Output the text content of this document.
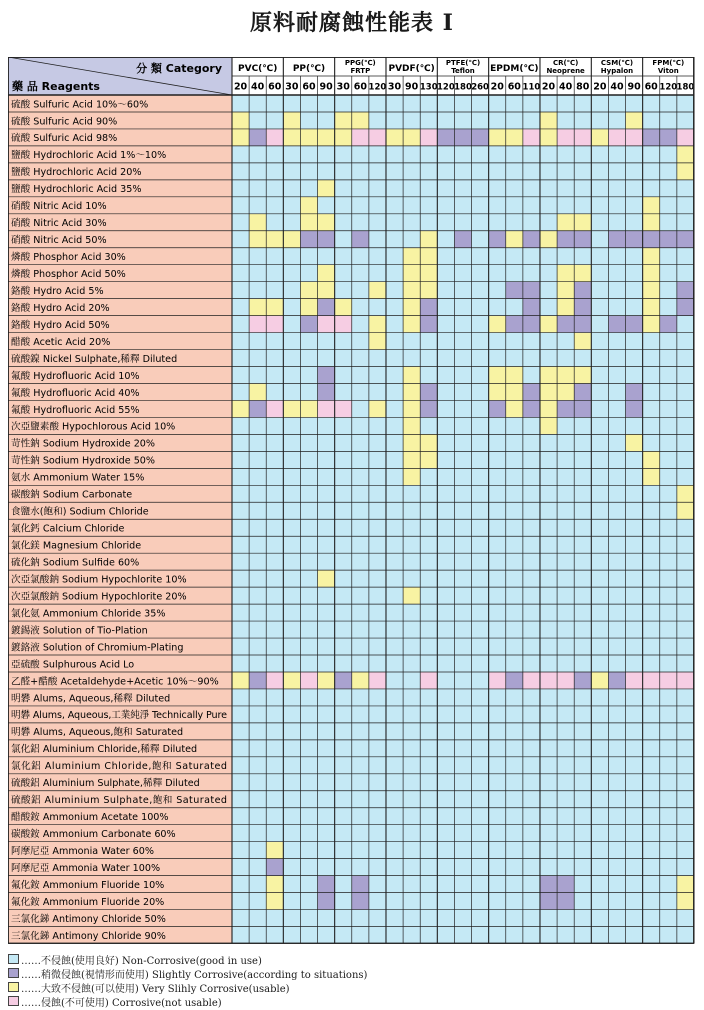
原料耐腐蝕性能表 I
分 類 Category
藥 品 Reagents
PVC(℃)
20 40 60
PP(℃)
30 60 90
PPG(℃)
FRTP
30 60 120
PVDF(℃)
30 90 130
PTFE(℃)
Teflon
120 180 260
EPDM(℃)
20 60 110
CR(℃)
Neoprene
20 40 80
CSM(℃)
Hypalon
20 40 90
FPM(℃)
Viton
60 120 180
硫酸 Sulfuric Acid 10%～60%
硫酸 Sulfuric Acid 90%
硫酸 Sulfuric Acid 98%
鹽酸 Hydrochloric Acid 1%～10%
鹽酸 Hydrochloric Acid 20%
鹽酸 Hydrochloric Acid 35%
硝酸 Nitric Acid 10%
硝酸 Nitric Acid 30%
硝酸 Nitric Acid 50%
燐酸 Phosphor Acid 30%
燐酸 Phosphor Acid 50%
鉻酸 Hydro Acid 5%
鉻酸 Hydro Acid 20%
鉻酸 Hydro Acid 50%
醋酸 Acetic Acid 20%
硫酸鎳 Nickel Sulphate,稀釋 Diluted
氟酸 Hydrofluoric Acid 10%
氟酸 Hydrofluoric Acid 40%
氟酸 Hydrofluoric Acid 55%
次亞鹽素酸 Hypochlorous Acid 10%
苛性鈉 Sodium Hydroxide 20%
苛性鈉 Sodium Hydroxide 50%
氨水 Ammonium Water 15%
碳酸鈉 Sodium Carbonate
食鹽水(飽和) Sodium Chloride
氯化鈣 Calcium Chloride
氯化鎂 Magnesium Chloride
硫化鈉 Sodium Sulfide 60%
次亞氯酸鈉 Sodium Hypochlorite 10%
次亞氯酸鈉 Sodium Hypochlorite 20%
氯化氨 Ammonium Chloride 35%
鍍錫液 Solution of Tio-Plation
鍍鉻液 Solution of Chromium-Plating
亞硫酸 Sulphurous Acid Lo
乙醛+醋酸 Acetaldehyde+Acetic 10%～90%
明礬 Alums, Aqueous,稀釋 Diluted
明礬 Alums, Aqueous,工業純淨 Technically Pure
明礬 Alums, Aqueous,飽和 Saturated
氯化鋁 Aluminium Chloride,稀釋 Diluted
氯化鋁 Aluminium Chloride,飽和 Saturated
硫酸鋁 Aluminium Sulphate,稀釋 Diluted
硫酸鋁 Aluminium Sulphate,飽和 Saturated
醋酸銨 Ammonium Acetate 100%
碳酸銨 Ammonium Carbonate 60%
阿摩尼亞 Ammonia Water 60%
阿摩尼亞 Ammonia Water 100%
氟化銨 Ammonium Fluoride 10%
氟化銨 Ammonium Fluoride 20%
三氯化銻 Antimony Chloride 50%
三氯化銻 Antimony Chloride 90%
……不侵蝕(使用良好) Non-Corrosive(good in use)
……稍微侵蝕(視情形而使用) Slightly Corrosive(according to situations)
……大致不侵蝕(可以使用) Very Slihly Corrosive(usable)
……侵蝕(不可使用) Corrosive(not usable)
